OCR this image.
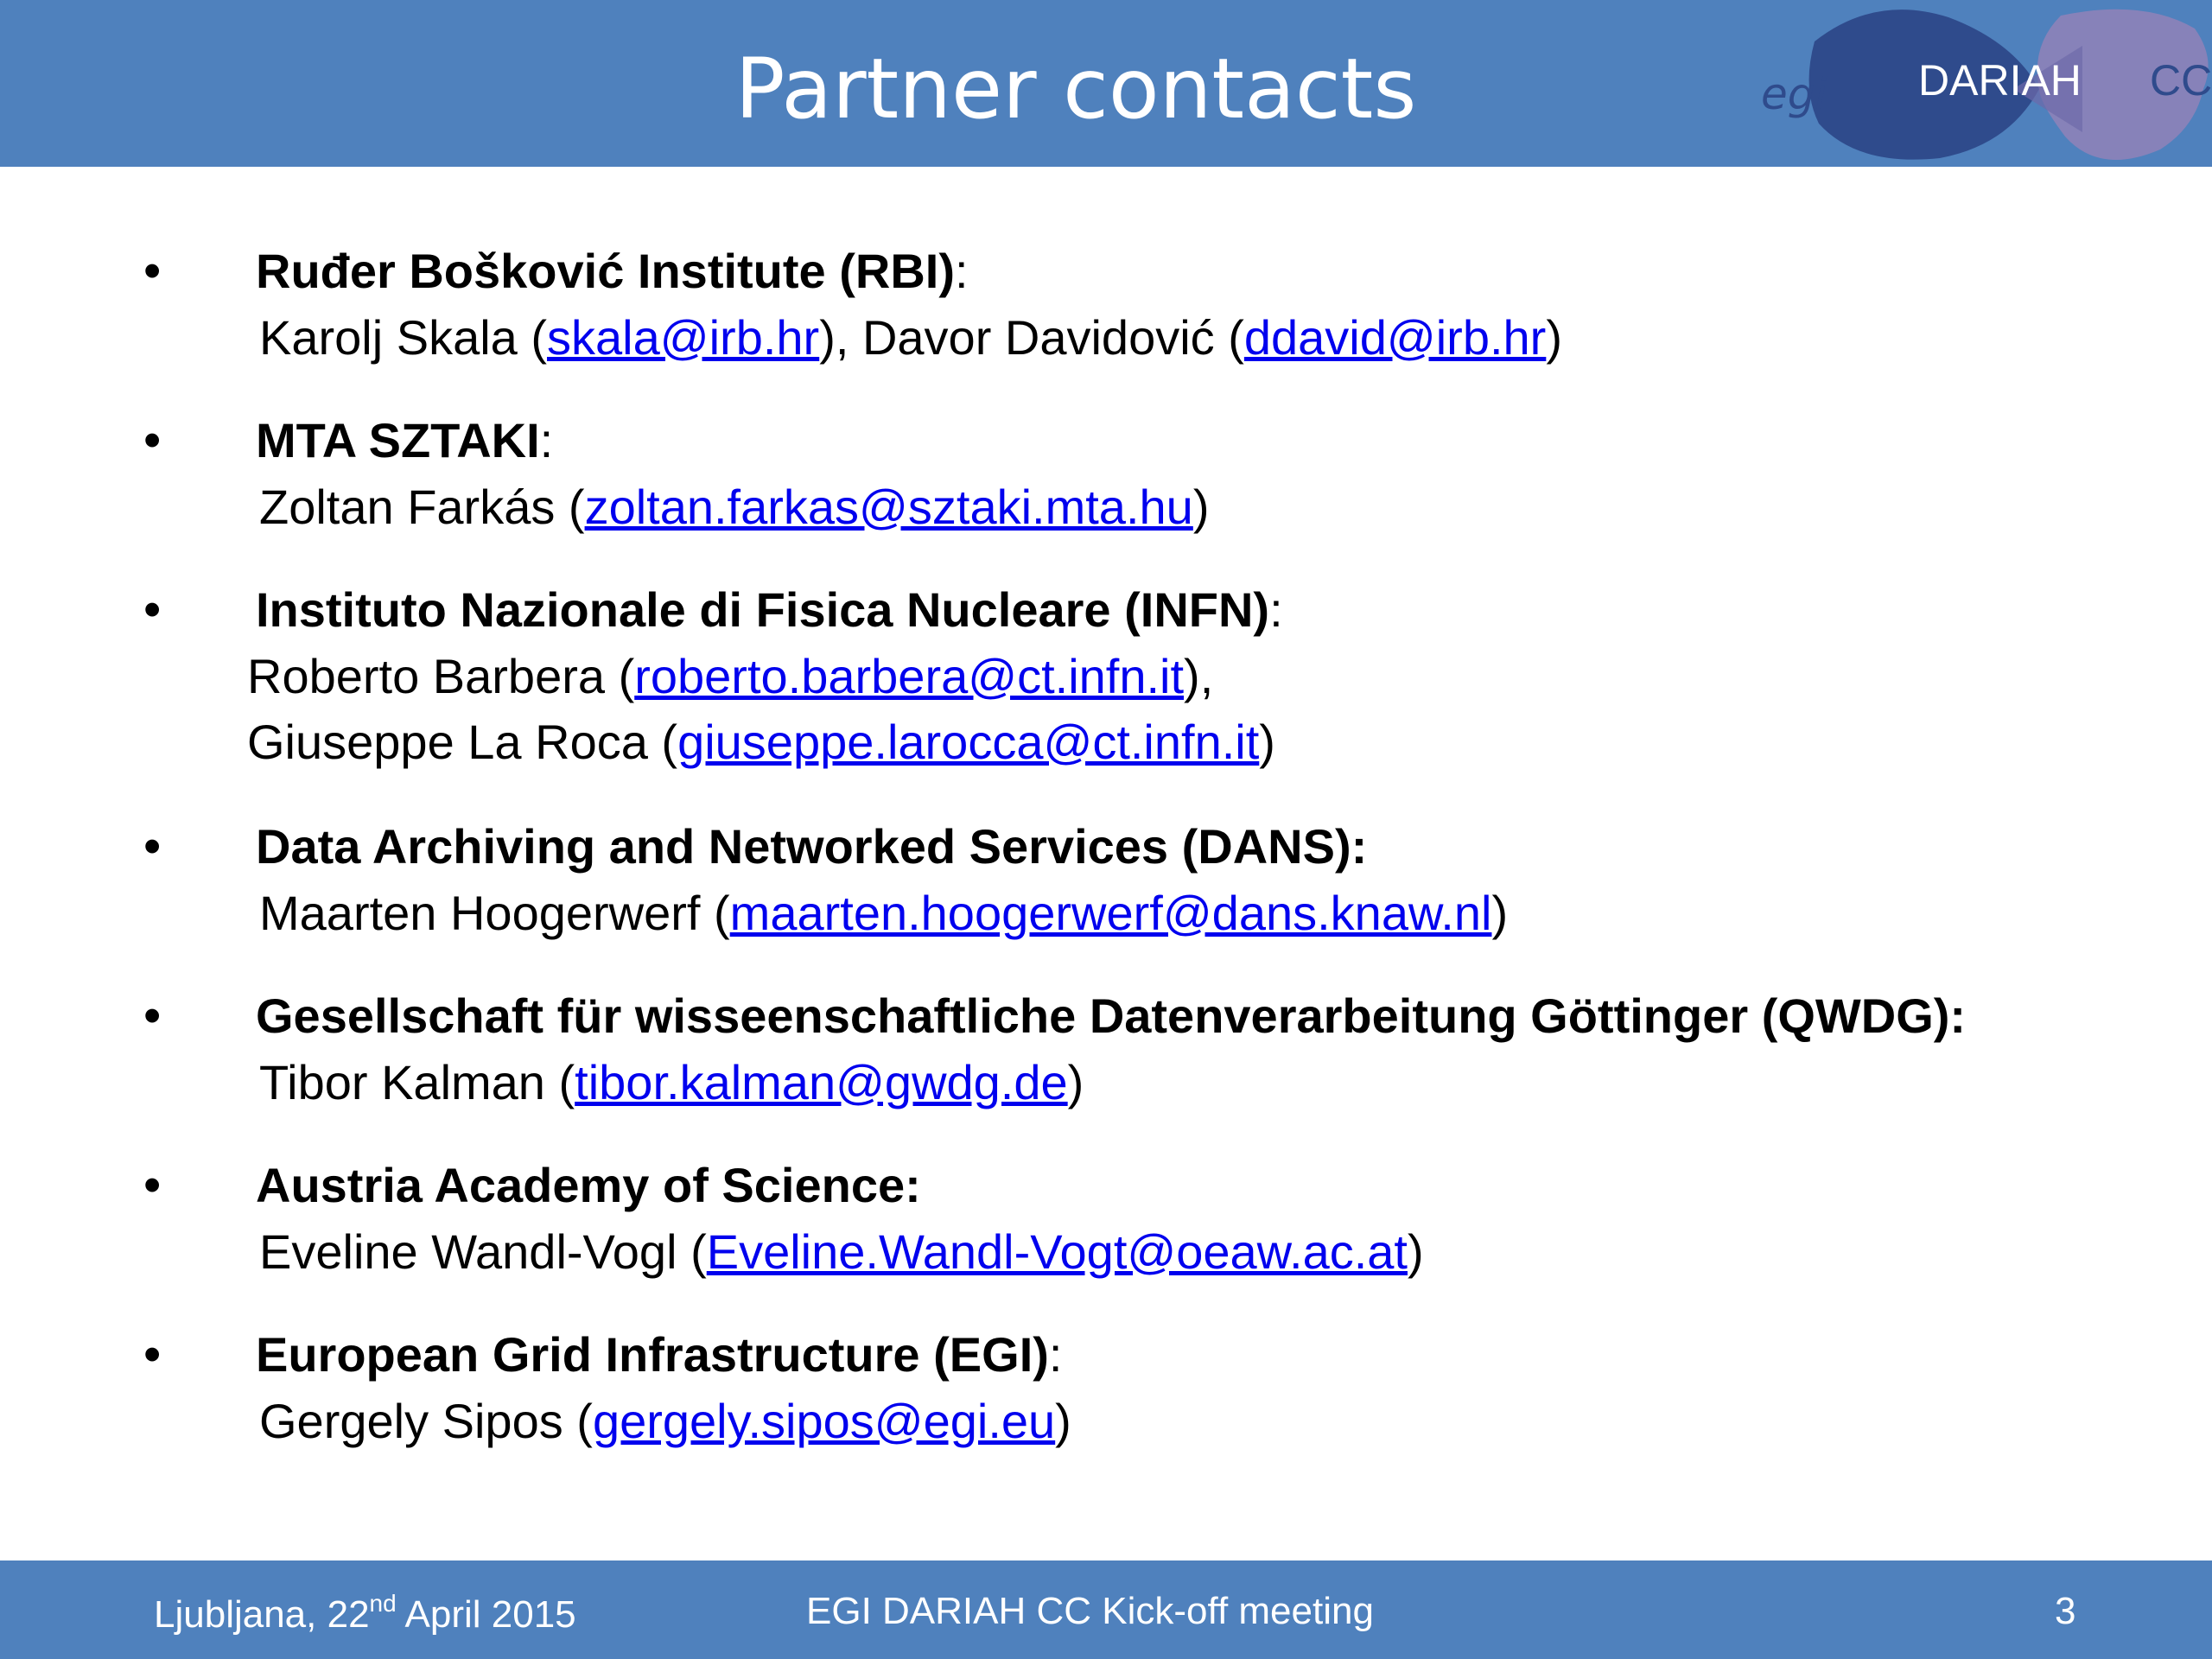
Partner contacts	egi DARIAH CC
• Ruđer Bošković Institute (RBI):
Karolj Skala (skala@irb.hr), Davor Davidović (ddavid@irb.hr)
• MTA SZTAKI:
Zoltan Farkás (zoltan.farkas@sztaki.mta.hu)
• Instituto Nazionale di Fisica Nucleare (INFN):
Roberto Barbera (roberto.barbera@ct.infn.it),
Giuseppe La Roca (giuseppe.larocca@ct.infn.it)
• Data Archiving and Networked Services (DANS):
Maarten Hoogerwerf (maarten.hoogerwerf@dans.knaw.nl)
• Gesellschaft für wisseenschaftliche Datenverarbeitung Göttinger (QWDG):
Tibor Kalman (tibor.kalman@gwdg.de)
• Austria Academy of Science:
Eveline Wandl-Vogl (Eveline.Wandl-Vogt@oeaw.ac.at)
• European Grid Infrastructure (EGI):
Gergely Sipos (gergely.sipos@egi.eu)
Ljubljana, 22nd April 2015	EGI DARIAH CC Kick-off meeting	3
